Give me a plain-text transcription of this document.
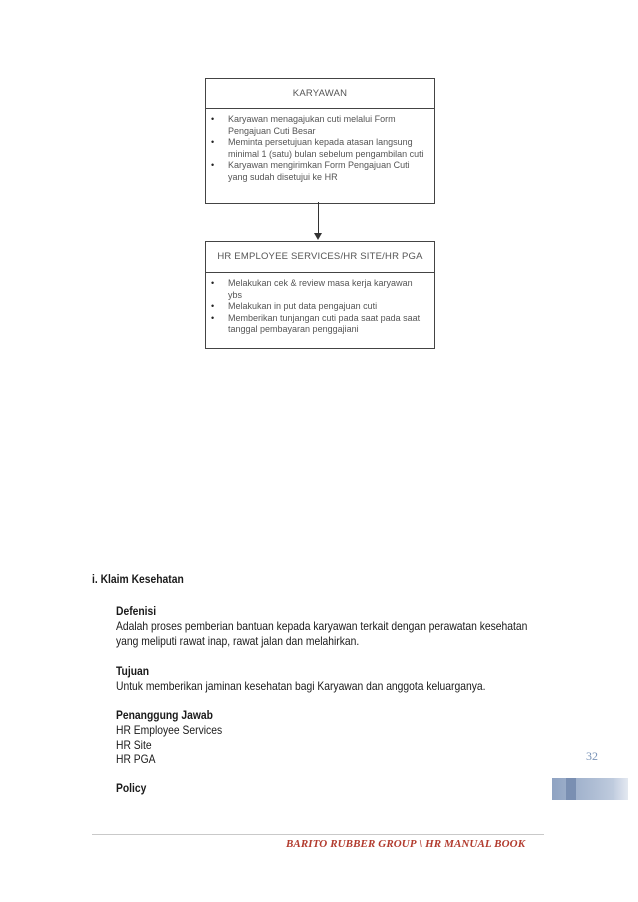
KARYAWAN
• Karyawan menagajukan cuti melalui Form Pengajuan Cuti Besar
• Meminta persetujuan kepada atasan langsung minimal 1 (satu) bulan sebelum pengambilan cuti
• Karyawan mengirimkan Form Pengajuan Cuti yang sudah disetujui ke HR
HR EMPLOYEE SERVICES/HR SITE/HR PGA
• Melakukan cek & review masa kerja karyawan ybs
• Melakukan in put data pengajuan cuti
• Memberikan tunjangan cuti pada saat pada saat tanggal pembayaran penggajiani
i. Klaim Kesehatan
Defenisi
Adalah proses pemberian bantuan kepada karyawan terkait dengan perawatan kesehatan
yang meliputi rawat inap, rawat jalan dan melahirkan.
Tujuan
Untuk memberikan jaminan kesehatan bagi Karyawan dan anggota keluarganya.
Penanggung Jawab
HR Employee Services
HR Site
HR PGA
Policy
32
BARITO RUBBER GROUP \ HR MANUAL BOOK
